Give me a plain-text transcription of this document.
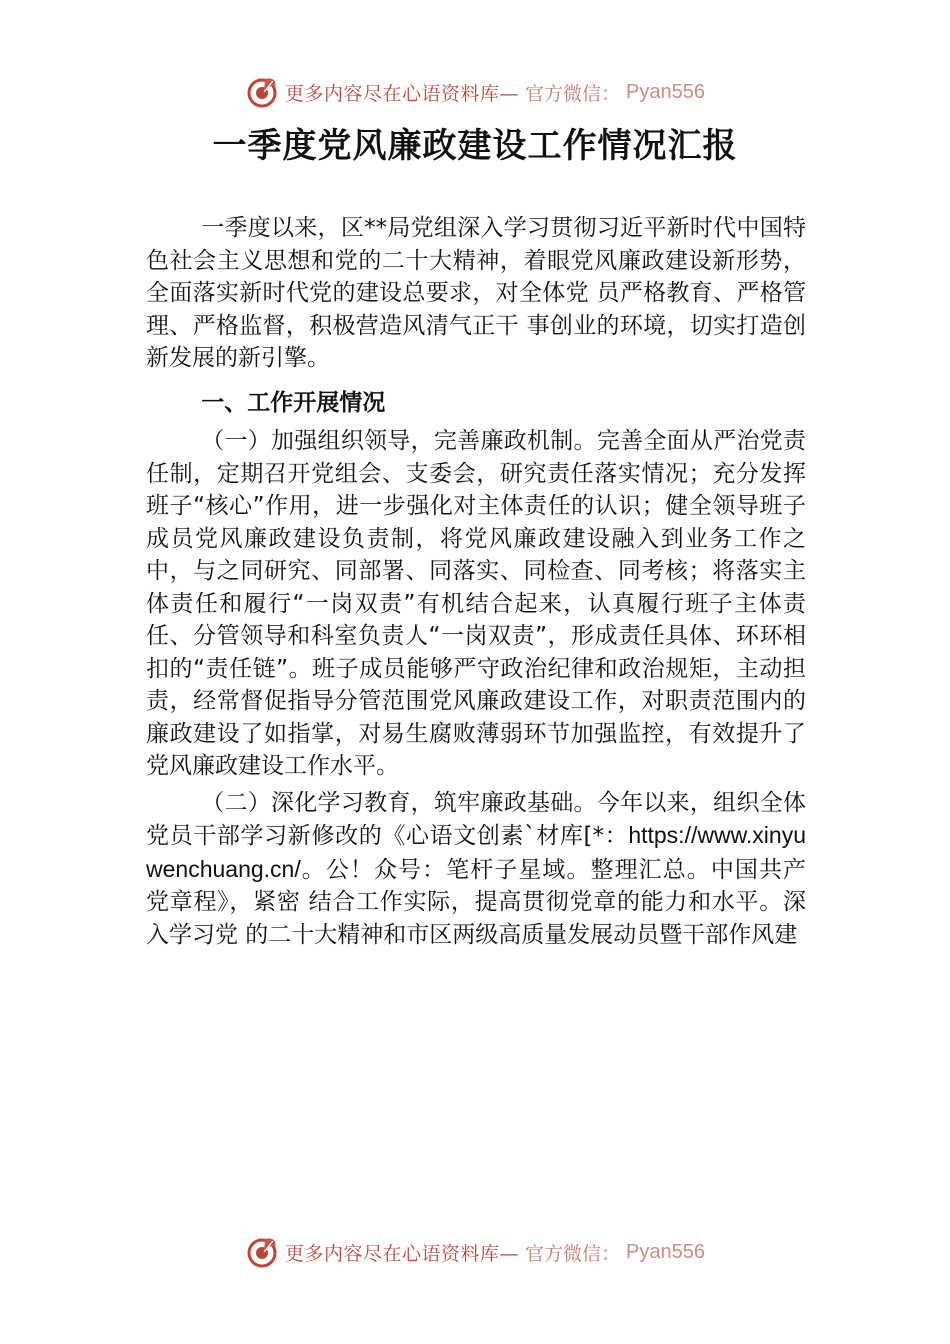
更多内容尽在心语资料库— 官方微信： Pyan556
一季度党风廉政建设工作情况汇报

一季度以来，区**局党组深入学习贯彻习近平新时代中国特色社会主义思想和党的二十大精神，着眼党风廉政建设新形势，全面落实新时代党的建设总要求，对全体党 员严格教育、严格管理、严格监督，积极营造风清气正干 事创业的环境，切实打造创新发展的新引擎。

一、工作开展情况

（一）加强组织领导，完善廉政机制。完善全面从严治党责任制，定期召开党组会、支委会，研究责任落实情况；充分发挥班子“核心”作用，进一步强化对主体责任的认识；健全领导班子成员党风廉政建设负责制，将党风廉政建设融入到业务工作之中，与之同研究、同部署、同落实、同检查、同考核；将落实主体责任和履行“一岗双责”有机结合起来，认真履行班子主体责任、分管领导和科室负责人“一岗双责”，形成责任具体、环环相扣的“责任链”。班子成员能够严守政治纪律和政治规矩，主动担责，经常督促指导分管范围党风廉政建设工作，对职责范围内的廉政建设了如指掌，对易生腐败薄弱环节加强监控，有效提升了党风廉政建设工作水平。

（二）深化学习教育，筑牢廉政基础。今年以来，组织全体党员干部学习新修改的《心语文创素`材库[*：https://www.xinyuwenchuang.cn/。公！众号：笔杆子星域。整理汇总。中国共产党章程》，紧密 结合工作实际，提高贯彻党章的能力和水平。深入学习党 的二十大精神和市区两级高质量发展动员暨干部作风建

更多内容尽在心语资料库— 官方微信： Pyan556
